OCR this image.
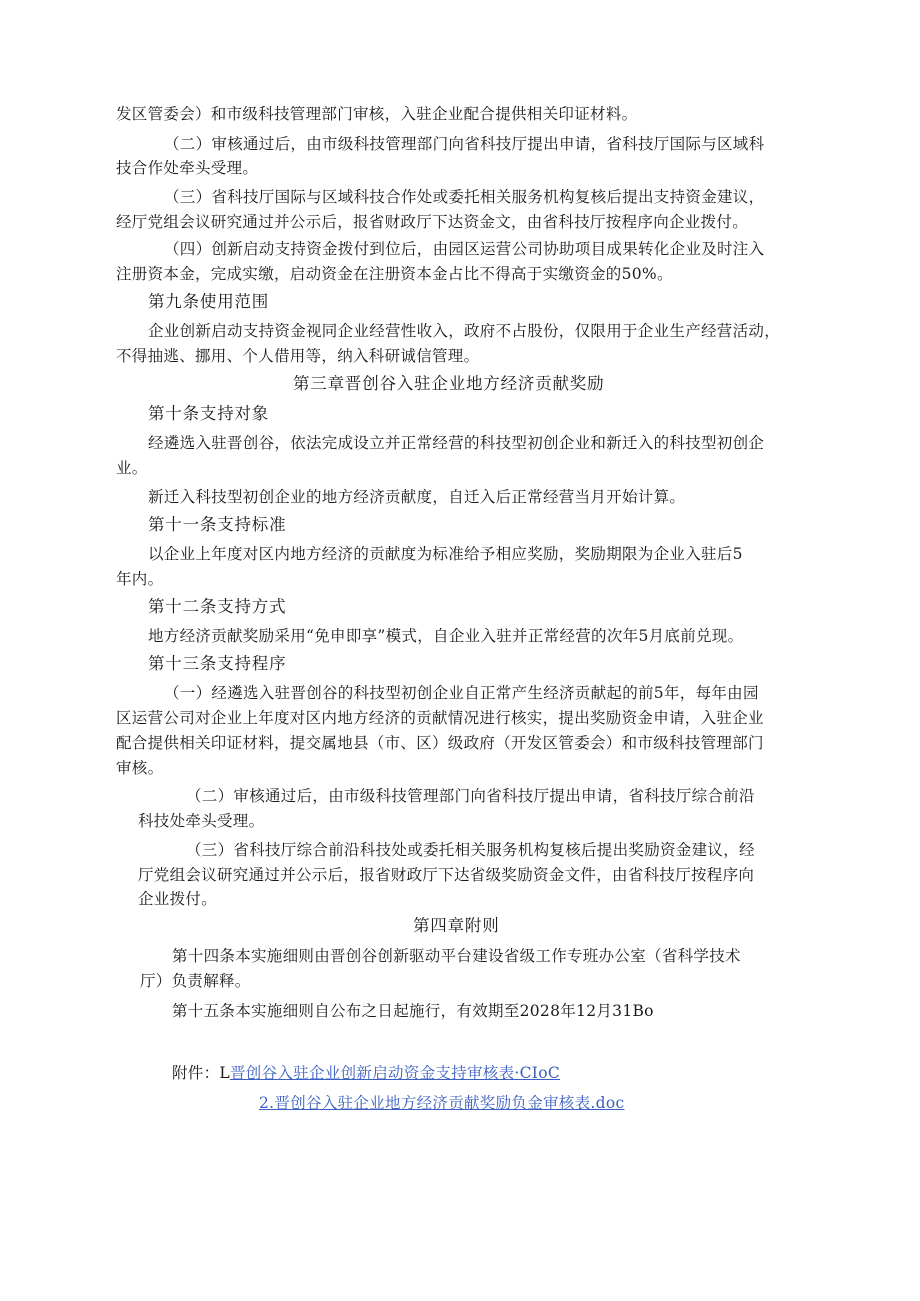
发区管委会）和市级科技管理部门审核，入驻企业配合提供相关印证材料。
（二）审核通过后，由市级科技管理部门向省科技厅提出申请，省科技厅国际与区域科
技合作处牵头受理。
（三）省科技厅国际与区域科技合作处或委托相关服务机构复核后提出支持资金建议，
经厅党组会议研究通过并公示后，报省财政厅下达资金文，由省科技厅按程序向企业拨付。
（四）创新启动支持资金拨付到位后，由园区运营公司协助项目成果转化企业及时注入
注册资本金，完成实缴，启动资金在注册资本金占比不得高于实缴资金的50%。
第九条使用范围
企业创新启动支持资金视同企业经营性收入，政府不占股份，仅限用于企业生产经营活动，
不得抽逃、挪用、个人借用等，纳入科研诚信管理。
第三章晋创谷入驻企业地方经济贡献奖励
第十条支持对象
经遴选入驻晋创谷，依法完成设立并正常经营的科技型初创企业和新迁入的科技型初创企
业。
新迁入科技型初创企业的地方经济贡献度，自迁入后正常经营当月开始计算。
第十一条支持标准
以企业上年度对区内地方经济的贡献度为标准给予相应奖励，奖励期限为企业入驻后5
年内。
第十二条支持方式
地方经济贡献奖励采用“免申即享”模式，自企业入驻并正常经营的次年5月底前兑现。
第十三条支持程序
（一）经遴选入驻晋创谷的科技型初创企业自正常产生经济贡献起的前5年，每年由园
区运营公司对企业上年度对区内地方经济的贡献情况进行核实，提出奖励资金申请，入驻企业
配合提供相关印证材料，提交属地县（市、区）级政府（开发区管委会）和市级科技管理部门
审核。
（二）审核通过后，由市级科技管理部门向省科技厅提出申请，省科技厅综合前沿
科技处牵头受理。
（三）省科技厅综合前沿科技处或委托相关服务机构复核后提出奖励资金建议，经
厅党组会议研究通过并公示后，报省财政厅下达省级奖励资金文件，由省科技厅按程序向
企业拨付。
第四章附则
第十四条本实施细则由晋创谷创新驱动平台建设省级工作专班办公室（省科学技术
厅）负责解释。
第十五条本实施细则自公布之日起施行，有效期至2028年12月31Bo
附件：L晋创谷入驻企业创新启动资金支持审核表·CIoC
2.晋创谷入驻企业地方经济贡献奖励负金审核表.doc
